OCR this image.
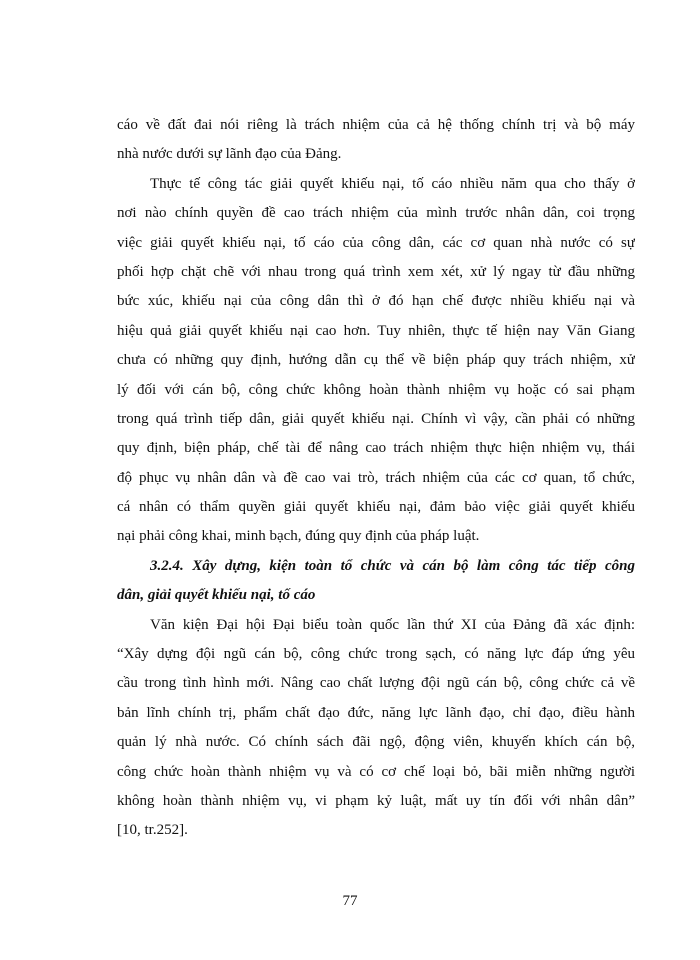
cáo về đất đai nói riêng là trách nhiệm của cả hệ thống chính trị và bộ máy
nhà nước dưới sự lãnh đạo của Đảng.
Thực tế công tác giải quyết khiếu nại, tố cáo nhiều năm qua cho thấy ở
nơi nào chính quyền đề cao trách nhiệm của mình trước nhân dân, coi trọng
việc giải quyết khiếu nại, tố cáo của công dân, các cơ quan nhà nước có sự
phối hợp chặt chẽ với nhau trong quá trình xem xét, xử lý ngay từ đầu những
bức xúc, khiếu nại của công dân thì ở đó hạn chế được nhiều khiếu nại và
hiệu quả giải quyết khiếu nại cao hơn. Tuy nhiên, thực tế hiện nay Văn Giang
chưa có những quy định, hướng dẫn cụ thể về biện pháp quy trách nhiệm, xử
lý đối với cán bộ, công chức không hoàn thành nhiệm vụ hoặc có sai phạm
trong quá trình tiếp dân, giải quyết khiếu nại. Chính vì vậy, cần phải có những
quy định, biện pháp, chế tài để nâng cao trách nhiệm thực hiện nhiệm vụ, thái
độ phục vụ nhân dân và đề cao vai trò, trách nhiệm của các cơ quan, tổ chức,
cá nhân có thẩm quyền giải quyết khiếu nại, đảm bảo việc giải quyết khiếu
nại phải công khai, minh bạch, đúng quy định của pháp luật.
3.2.4. Xây dựng, kiện toàn tổ chức và cán bộ làm công tác tiếp công
dân, giải quyết khiếu nại, tố cáo
Văn kiện Đại hội Đại biểu toàn quốc lần thứ XI của Đảng đã xác định:
“Xây dựng đội ngũ cán bộ, công chức trong sạch, có năng lực đáp ứng yêu
cầu trong tình hình mới. Nâng cao chất lượng đội ngũ cán bộ, công chức cả về
bản lĩnh chính trị, phẩm chất đạo đức, năng lực lãnh đạo, chỉ đạo, điều hành
quản lý nhà nước. Có chính sách đãi ngộ, động viên, khuyến khích cán bộ,
công chức hoàn thành nhiệm vụ và có cơ chế loại bỏ, bãi miễn những người
không hoàn thành nhiệm vụ, vi phạm kỷ luật, mất uy tín đối với nhân dân”
[10, tr.252].
77
